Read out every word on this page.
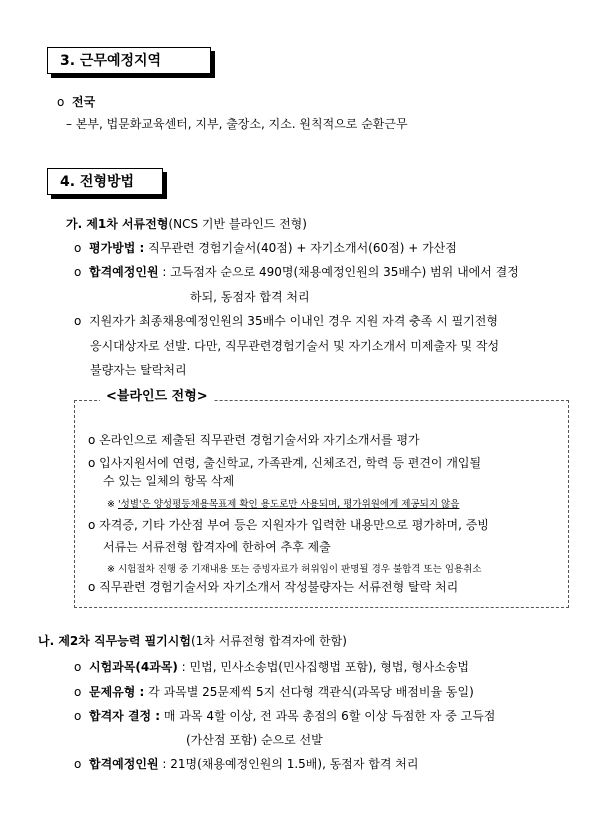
3. 근무예정지역
o 전국
– 본부, 법문화교육센터, 지부, 출장소, 지소. 원칙적으로 순환근무
4. 전형방법
가. 제1차 서류전형(NCS 기반 블라인드 전형)
o 평가방법 : 직무관련 경험기술서(40점) + 자기소개서(60점) + 가산점
o 합격예정인원 : 고득점자 순으로 490명(채용예정인원의 35배수) 범위 내에서 결정
하되, 동점자 합격 처리
o 지원자가 최종채용예정인원의 35배수 이내인 경우 지원 자격 충족 시 필기전형
응시대상자로 선발. 다만, 직무관련경험기술서 및 자기소개서 미제출자 및 작성
불량자는 탈락처리
<블라인드 전형>
o 온라인으로 제출된 직무관련 경험기술서와 자기소개서를 평가
o 입사지원서에 연령, 출신학교, 가족관계, 신체조건, 학력 등 편견이 개입될
수 있는 일체의 항목 삭제
※ '성별'은 양성평등채용목표제 확인 용도로만 사용되며, 평가위원에게 제공되지 않음
o 자격증, 기타 가산점 부여 등은 지원자가 입력한 내용만으로 평가하며, 증빙
서류는 서류전형 합격자에 한하여 추후 제출
※ 시험절차 진행 중 기재내용 또는 증빙자료가 허위임이 판명될 경우 불합격 또는 임용취소
o 직무관련 경험기술서와 자기소개서 작성불량자는 서류전형 탈락 처리
나. 제2차 직무능력 필기시험(1차 서류전형 합격자에 한함)
o 시험과목(4과목) : 민법, 민사소송법(민사집행법 포함), 형법, 형사소송법
o 문제유형 : 각 과목별 25문제씩 5지 선다형 객관식(과목당 배점비율 동일)
o 합격자 결정 : 매 과목 4할 이상, 전 과목 총점의 6할 이상 득점한 자 중 고득점
(가산점 포함) 순으로 선발
o 합격예정인원 : 21명(채용예정인원의 1.5배), 동점자 합격 처리
